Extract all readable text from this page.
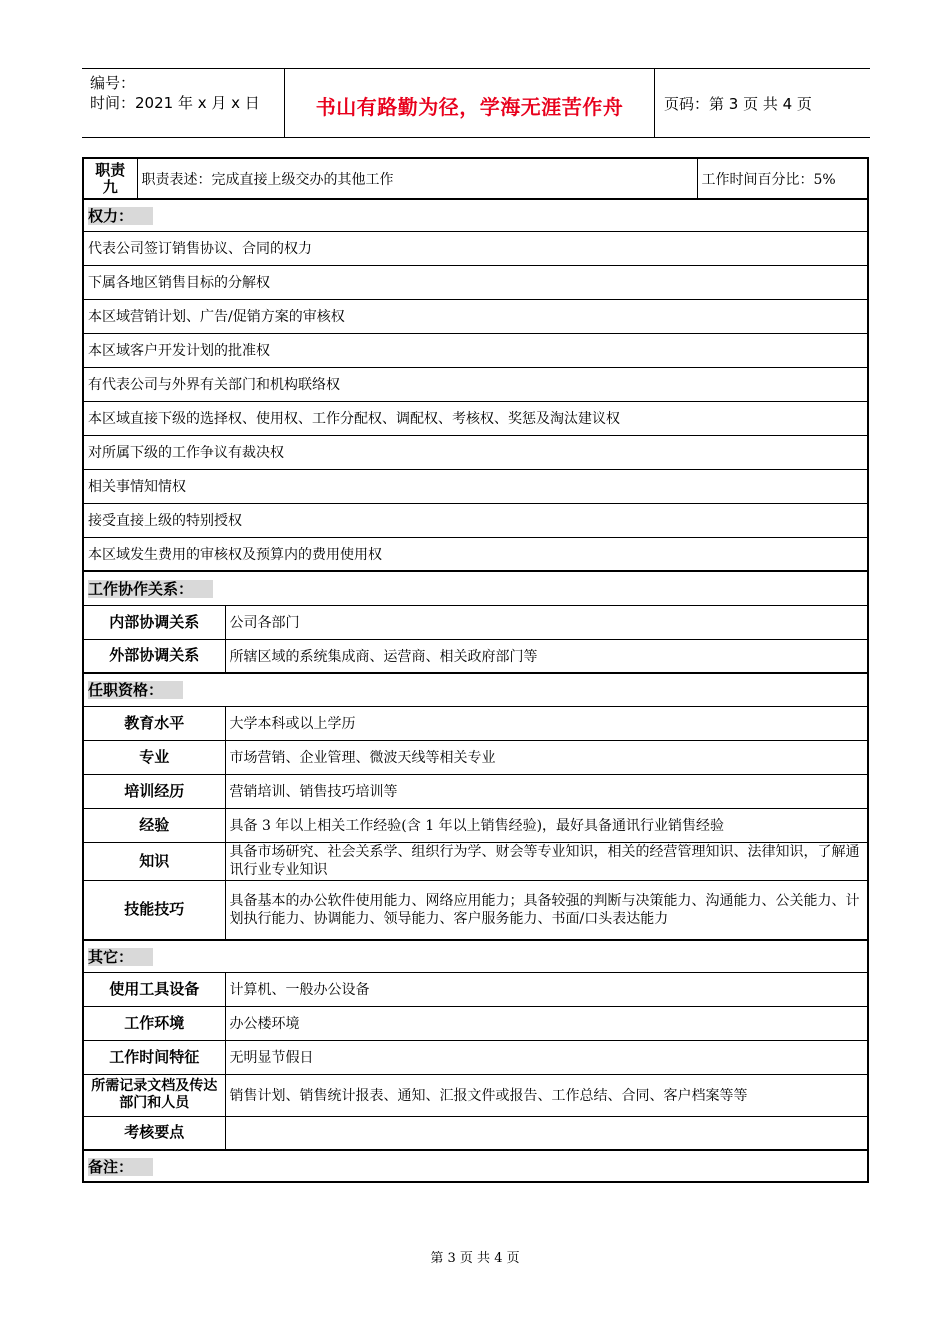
编号：
时间：2021 年 x 月 x 日	书山有路勤为径，学海无涯苦作舟	页码：第 3 页 共 4 页
职责九	职责表述：完成直接上级交办的其他工作		工作时间百分比：5%
权力：			
代表公司签订销售协议、合同的权力			
下属各地区销售目标的分解权			
本区域营销计划、广告/促销方案的审核权			
本区域客户开发计划的批准权			
有代表公司与外界有关部门和机构联络权			
本区域直接下级的选择权、使用权、工作分配权、调配权、考核权、奖惩及淘汰建议权			
对所属下级的工作争议有裁决权			
相关事情知情权			
接受直接上级的特别授权			
本区域发生费用的审核权及预算内的费用使用权			
工作协作关系：			
内部协调关系		公司各部门	
外部协调关系		所辖区域的系统集成商、运营商、相关政府部门等	
任职资格：			
教育水平		大学本科或以上学历	
专业		市场营销、企业管理、微波天线等相关专业	
培训经历		营销培训、销售技巧培训等	
经验		具备 3 年以上相关工作经验(含 1 年以上销售经验)，最好具备通讯行业销售经验	
知识		具备市场研究、社会关系学、组织行为学、财会等专业知识，相关的经营管理知识、法律知识，了解通讯行业专业知识	
技能技巧		具备基本的办公软件使用能力、网络应用能力；具备较强的判断与决策能力、沟通能力、公关能力、计划执行能力、协调能力、领导能力、客户服务能力、书面/口头表达能力	
其它：			
使用工具设备		计算机、一般办公设备	
工作环境		办公楼环境	
工作时间特征		无明显节假日	
所需记录文档及传达部门和人员		销售计划、销售统计报表、通知、汇报文件或报告、工作总结、合同、客户档案等等	
考核要点			
备注：			
第 3 页 共 4 页
